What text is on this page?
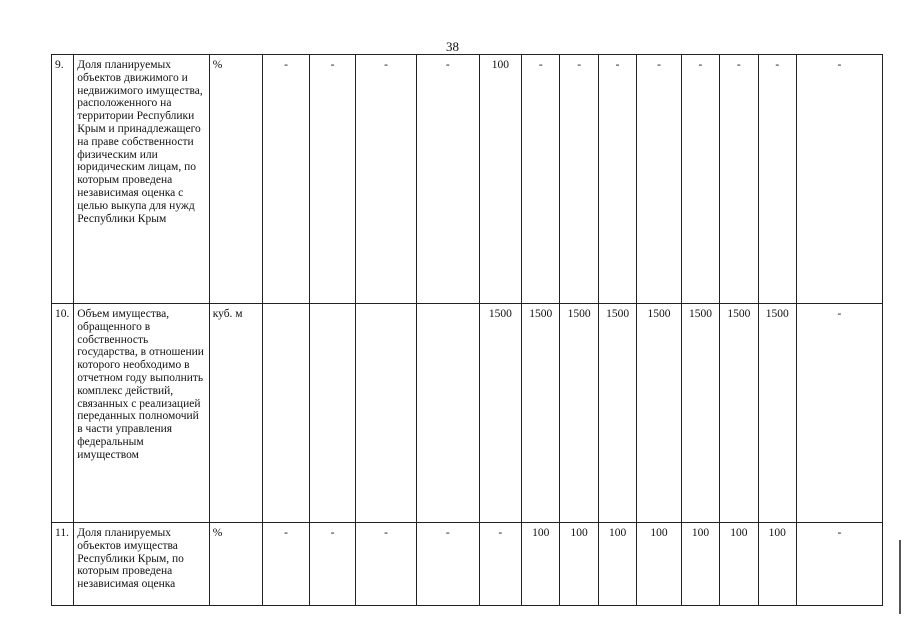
38
9.	Доля планируемых объектов движимого и недвижимого имущества, расположенного на территории Республики Крым и принадлежащего на праве собственности физическим или юридическим лицам, по которым проведена независимая оценка с целью выкупа для нужд Республики Крым	%	-	-	-	-	100	-	-	-	-	-	-	-	-
10.	Объем имущества, обращенного в собственность государства, в отношении которого необходимо в отчетном году выполнить комплекс действий, связанных с реализацией переданных полномочий в части управления федеральным имуществом	куб. м					1500	1500	1500	1500	1500	1500	1500	1500	-
11.	Доля планируемых объектов имущества Республики Крым, по которым проведена независимая оценка	%	-	-	-	-	-	100	100	100	100	100	100	100	-
